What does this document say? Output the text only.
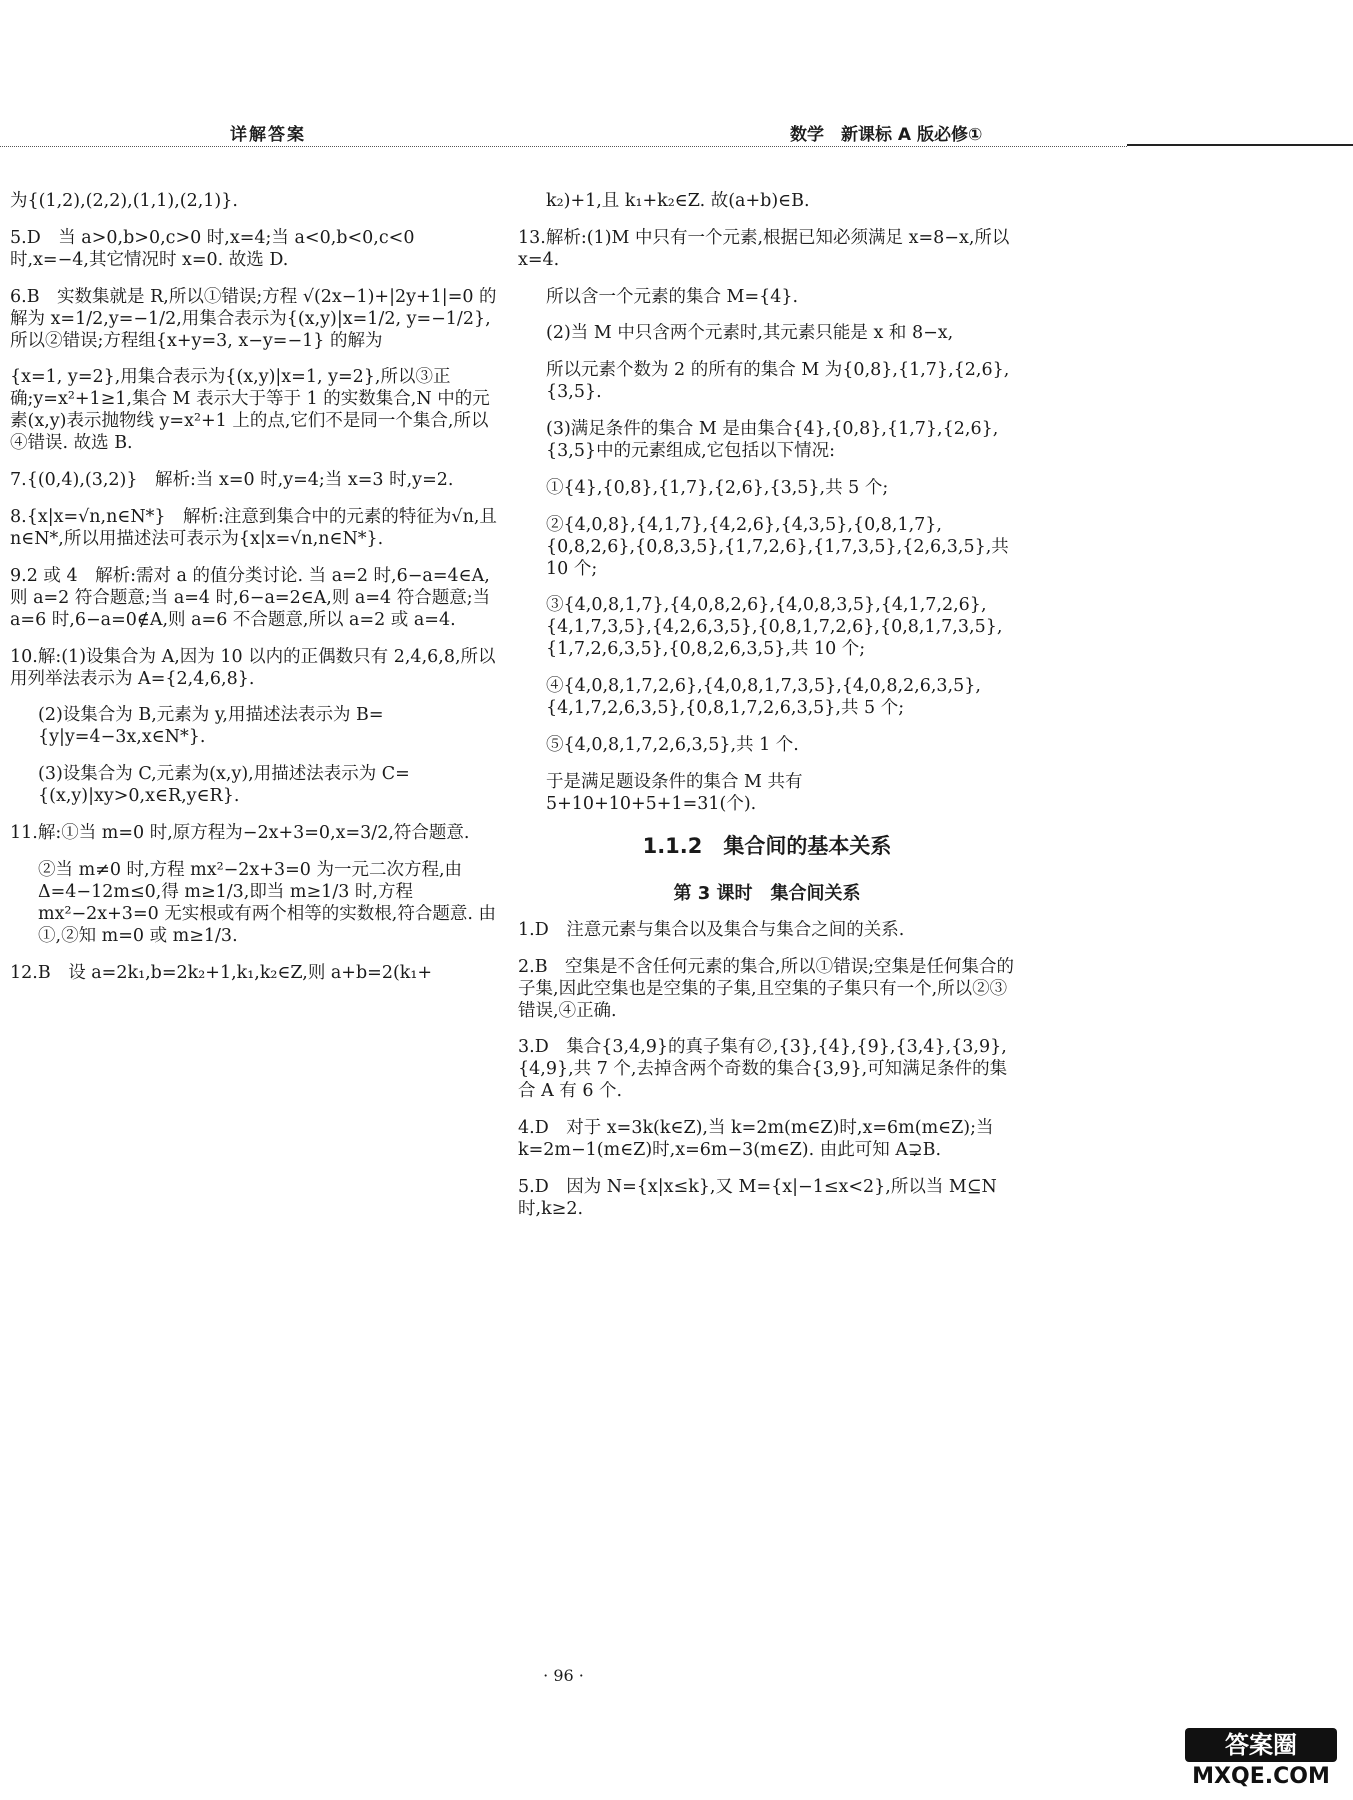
详解答案	数学　新课标 A 版必修①

为{(1,2),(2,2),(1,1),(2,1)}.

5.D　当 a>0,b>0,c>0 时,x=4;当 a<0,b<0,c<0 时,x=−4,其它情况时 x=0. 故选 D.

6.B　实数集就是 R,所以①错误;方程 √(2x−1)+|2y+1|=0 的解为 x=1/2,y=−1/2,用集合表示为{(x,y)|x=1/2, y=−1/2},所以②错误;方程组{x+y=3, x−y=−1} 的解为

{x=1, y=2},用集合表示为{(x,y)|x=1, y=2},所以③正确;y=x²+1≥1,集合 M 表示大于等于 1 的实数集合,N 中的元素(x,y)表示抛物线 y=x²+1 上的点,它们不是同一个集合,所以④错误. 故选 B.

7.{(0,4),(3,2)}　解析:当 x=0 时,y=4;当 x=3 时,y=2.

8.{x|x=√n,n∈N*}　解析:注意到集合中的元素的特征为√n,且 n∈N*,所以用描述法可表示为{x|x=√n,n∈N*}.

9.2 或 4　解析:需对 a 的值分类讨论. 当 a=2 时,6−a=4∈A,则 a=2 符合题意;当 a=4 时,6−a=2∈A,则 a=4 符合题意;当 a=6 时,6−a=0∉A,则 a=6 不合题意,所以 a=2 或 a=4.

10.解:(1)设集合为 A,因为 10 以内的正偶数只有 2,4,6,8,所以用列举法表示为 A={2,4,6,8}.

(2)设集合为 B,元素为 y,用描述法表示为 B={y|y=4−3x,x∈N*}.

(3)设集合为 C,元素为(x,y),用描述法表示为 C={(x,y)|xy>0,x∈R,y∈R}.

11.解:①当 m=0 时,原方程为−2x+3=0,x=3/2,符合题意.

②当 m≠0 时,方程 mx²−2x+3=0 为一元二次方程,由 Δ=4−12m≤0,得 m≥1/3,即当 m≥1/3 时,方程 mx²−2x+3=0 无实根或有两个相等的实数根,符合题意. 由①,②知 m=0 或 m≥1/3.

12.B　设 a=2k₁,b=2k₂+1,k₁,k₂∈Z,则 a+b=2(k₁+

k₂)+1,且 k₁+k₂∈Z. 故(a+b)∈B.

13.解析:(1)M 中只有一个元素,根据已知必须满足 x=8−x,所以 x=4.

所以含一个元素的集合 M={4}.

(2)当 M 中只含两个元素时,其元素只能是 x 和 8−x,

所以元素个数为 2 的所有的集合 M 为{0,8},{1,7},{2,6},{3,5}.

(3)满足条件的集合 M 是由集合{4},{0,8},{1,7},{2,6},{3,5}中的元素组成,它包括以下情况:

①{4},{0,8},{1,7},{2,6},{3,5},共 5 个;

②{4,0,8},{4,1,7},{4,2,6},{4,3,5},{0,8,1,7},{0,8,2,6},{0,8,3,5},{1,7,2,6},{1,7,3,5},{2,6,3,5},共 10 个;

③{4,0,8,1,7},{4,0,8,2,6},{4,0,8,3,5},{4,1,7,2,6},{4,1,7,3,5},{4,2,6,3,5},{0,8,1,7,2,6},{0,8,1,7,3,5},{1,7,2,6,3,5},{0,8,2,6,3,5},共 10 个;

④{4,0,8,1,7,2,6},{4,0,8,1,7,3,5},{4,0,8,2,6,3,5},{4,1,7,2,6,3,5},{0,8,1,7,2,6,3,5},共 5 个;

⑤{4,0,8,1,7,2,6,3,5},共 1 个.

于是满足题设条件的集合 M 共有 5+10+10+5+1=31(个).

1.1.2　集合间的基本关系

第 3 课时　集合间关系

1.D　注意元素与集合以及集合与集合之间的关系.

2.B　空集是不含任何元素的集合,所以①错误;空集是任何集合的子集,因此空集也是空集的子集,且空集的子集只有一个,所以②③错误,④正确.

3.D　集合{3,4,9}的真子集有∅,{3},{4},{9},{3,4},{3,9},{4,9},共 7 个,去掉含两个奇数的集合{3,9},可知满足条件的集合 A 有 6 个.

4.D　对于 x=3k(k∈Z),当 k=2m(m∈Z)时,x=6m(m∈Z);当 k=2m−1(m∈Z)时,x=6m−3(m∈Z). 由此可知 A⊋B.

5.D　因为 N={x|x≤k},又 M={x|−1≤x<2},所以当 M⊆N 时,k≥2.

· 96 ·
答案圈
MXQE.COM
